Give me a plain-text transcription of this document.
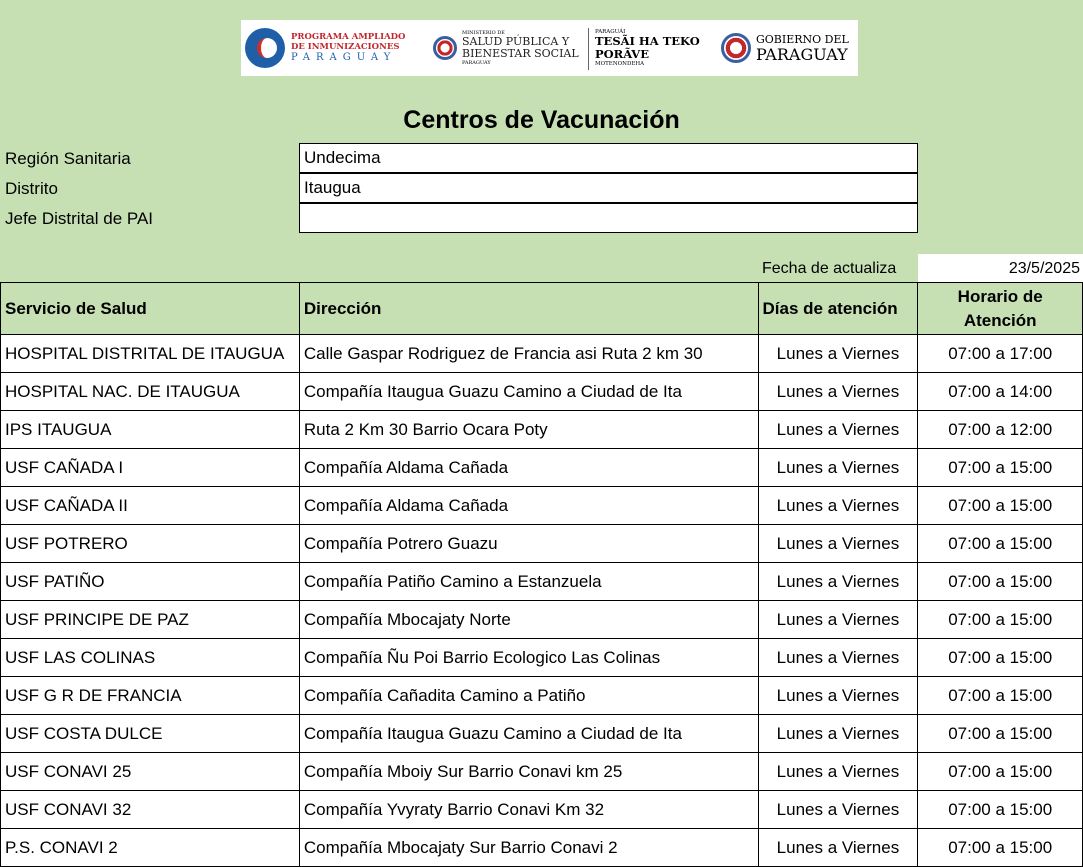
PROGRAMA AMPLIADO
DE INMUNIZACIONES
PARAGUAY
MINISTERIO DE
SALUD PÚBLICA Y
BIENESTAR SOCIAL
PARAGUAY
PARAGUÁI
TESÃI HA TEKO
PORÃVE
MOTENONDEHA
GOBIERNO DEL
PARAGUAY
Centros de Vacunación
Región Sanitaria	Undecima
Distrito	Itaugua
Jefe Distrital de PAI
Fecha de actualiza	23/5/2025
Servicio de Salud	Dirección	Días de atención	Horario de
Atención

HOSPITAL DISTRITAL DE ITAUGUA	Calle Gaspar Rodriguez de Francia asi Ruta 2 km 30	Lunes a Viernes	07:00 a 17:00
HOSPITAL NAC. DE ITAUGUA	Compañía Itaugua Guazu Camino a Ciudad de Ita	Lunes a Viernes	07:00 a 14:00
IPS ITAUGUA	Ruta 2 Km 30 Barrio Ocara Poty	Lunes a Viernes	07:00 a 12:00
USF CAÑADA I	Compañía Aldama Cañada	Lunes a Viernes	07:00 a 15:00
USF CAÑADA II	Compañía Aldama Cañada	Lunes a Viernes	07:00 a 15:00
USF POTRERO	Compañía Potrero Guazu	Lunes a Viernes	07:00 a 15:00
USF PATIÑO	Compañía Patiño Camino a Estanzuela	Lunes a Viernes	07:00 a 15:00
USF PRINCIPE DE PAZ	Compañía Mbocajaty Norte	Lunes a Viernes	07:00 a 15:00
USF LAS COLINAS	Compañía Ñu Poi Barrio Ecologico Las Colinas	Lunes a Viernes	07:00 a 15:00
USF G R DE FRANCIA	Compañía Cañadita Camino a Patiño	Lunes a Viernes	07:00 a 15:00
USF COSTA DULCE	Compañía Itaugua Guazu Camino a Ciudad de Ita	Lunes a Viernes	07:00 a 15:00
USF CONAVI 25	Compañía Mboiy Sur Barrio Conavi km 25	Lunes a Viernes	07:00 a 15:00
USF CONAVI 32	Compañía Yvyraty Barrio Conavi Km 32	Lunes a Viernes	07:00 a 15:00
P.S. CONAVI 2	Compañía Mbocajaty Sur Barrio Conavi 2	Lunes a Viernes	07:00 a 15:00
